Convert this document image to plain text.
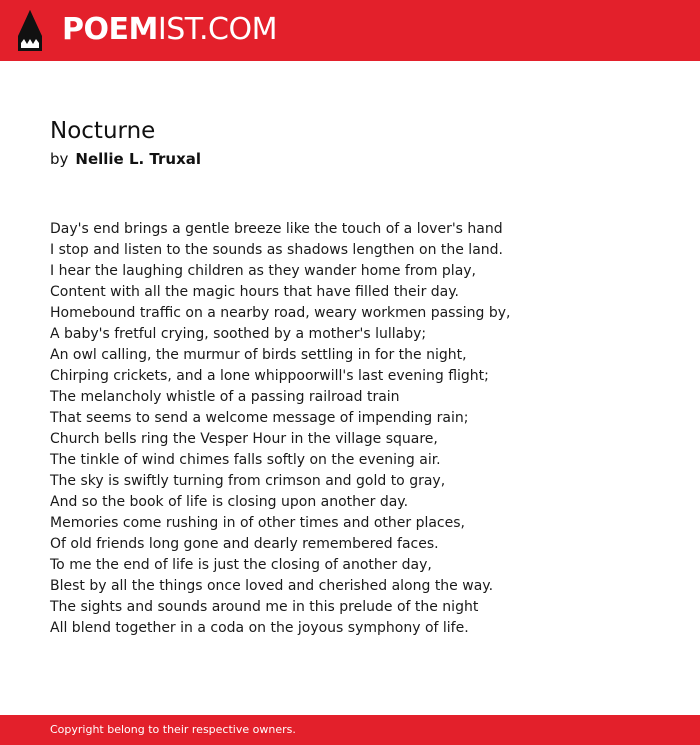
POEMIST.COM
Nocturne
by Nellie L. Truxal
Day's end brings a gentle breeze like the touch of a lover's hand
I stop and listen to the sounds as shadows lengthen on the land.
I hear the laughing children as they wander home from play,
Content with all the magic hours that have filled their day.
Homebound traffic on a nearby road, weary workmen passing by,
A baby's fretful crying, soothed by a mother's lullaby;
An owl calling, the murmur of birds settling in for the night,
Chirping crickets, and a lone whippoorwill's last evening flight;
The melancholy whistle of a passing railroad train
That seems to send a welcome message of impending rain;
Church bells ring the Vesper Hour in the village square,
The tinkle of wind chimes falls softly on the evening air.
The sky is swiftly turning from crimson and gold to gray,
And so the book of life is closing upon another day.
Memories come rushing in of other times and other places,
Of old friends long gone and dearly remembered faces.
To me the end of life is just the closing of another day,
Blest by all the things once loved and cherished along the way.
The sights and sounds around me in this prelude of the night
All blend together in a coda on the joyous symphony of life.
Copyright belong to their respective owners.
